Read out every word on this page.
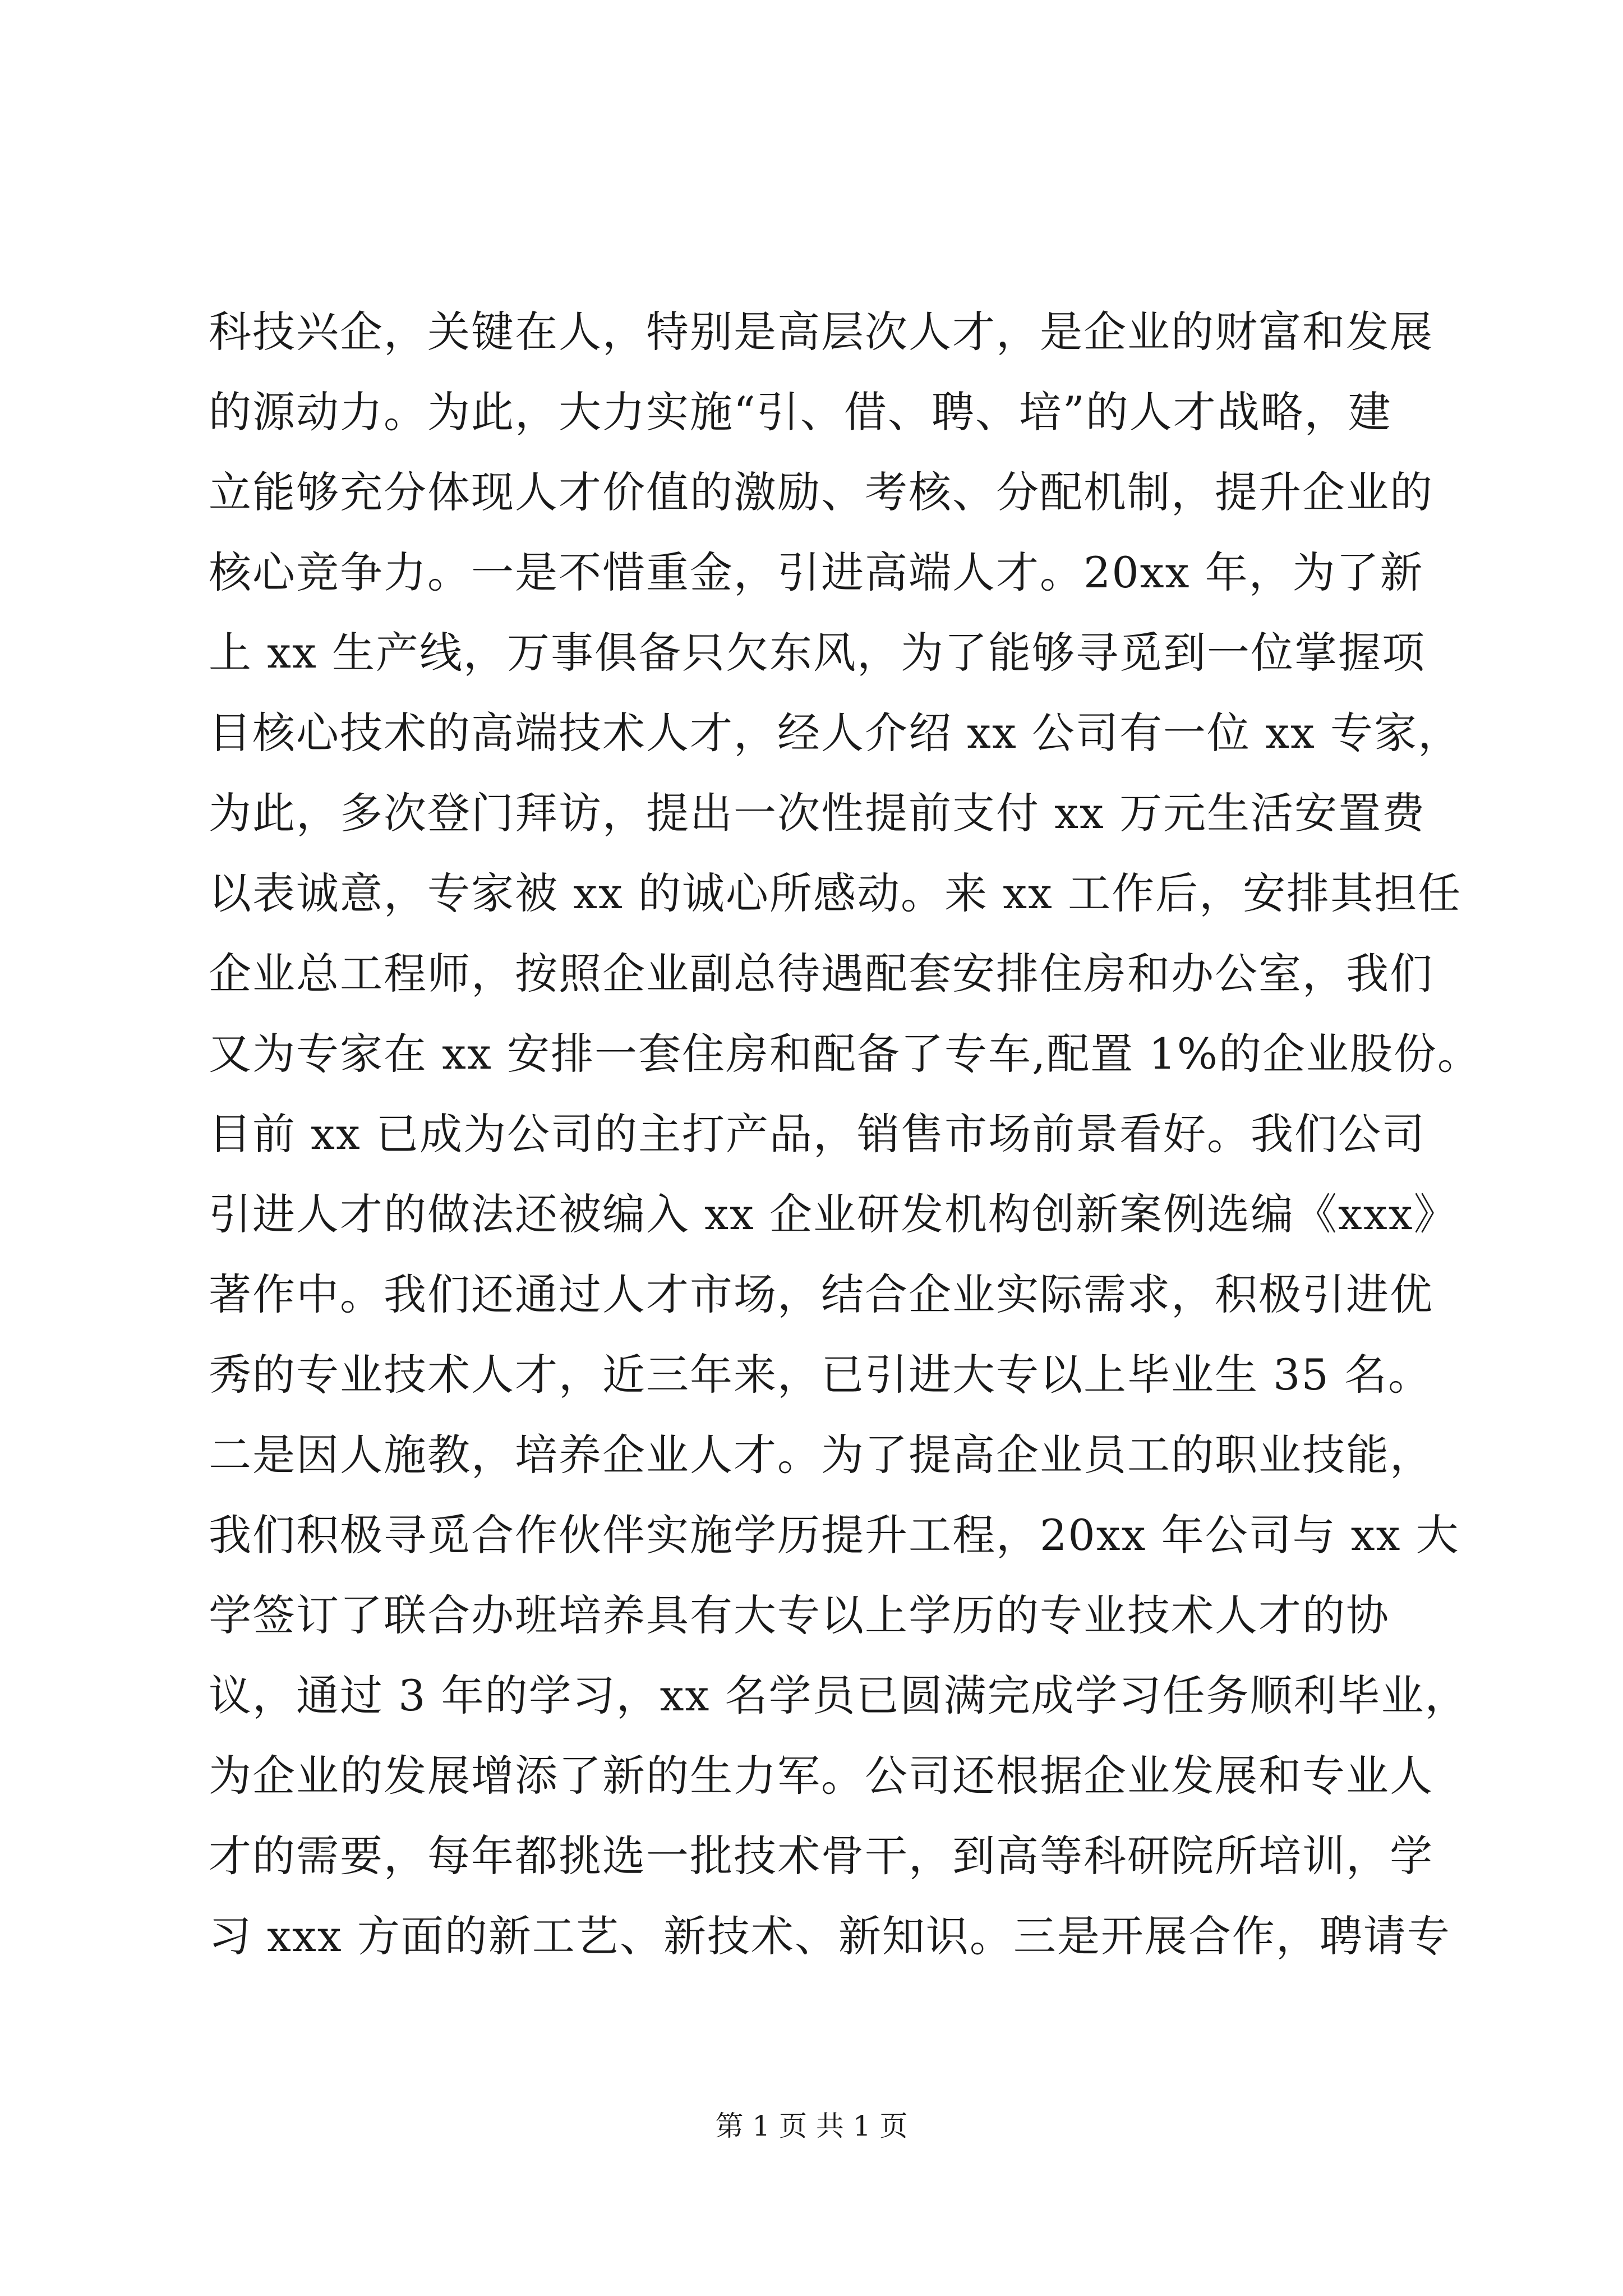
科技兴企，关键在人，特别是高层次人才，是企业的财富和发展
的源动力。为此，大力实施“引、借、聘、培”的人才战略，建
立能够充分体现人才价值的激励、考核、分配机制，提升企业的
核心竞争力。一是不惜重金，引进高端人才。20xx 年，为了新
上 xx 生产线，万事俱备只欠东风，为了能够寻觅到一位掌握项
目核心技术的高端技术人才，经人介绍 xx 公司有一位 xx 专家，
为此，多次登门拜访，提出一次性提前支付 xx 万元生活安置费
以表诚意，专家被 xx 的诚心所感动。来 xx 工作后，安排其担任
企业总工程师，按照企业副总待遇配套安排住房和办公室，我们
又为专家在 xx 安排一套住房和配备了专车,配置 1%的企业股份。
目前 xx 已成为公司的主打产品，销售市场前景看好。我们公司
引进人才的做法还被编入 xx 企业研发机构创新案例选编《xxx》
著作中。我们还通过人才市场，结合企业实际需求，积极引进优
秀的专业技术人才，近三年来，已引进大专以上毕业生 35 名。
二是因人施教，培养企业人才。为了提高企业员工的职业技能，
我们积极寻觅合作伙伴实施学历提升工程，20xx 年公司与 xx 大
学签订了联合办班培养具有大专以上学历的专业技术人才的协
议，通过 3 年的学习，xx 名学员已圆满完成学习任务顺利毕业，
为企业的发展增添了新的生力军。公司还根据企业发展和专业人
才的需要，每年都挑选一批技术骨干，到高等科研院所培训，学
习 xxx 方面的新工艺、新技术、新知识。三是开展合作，聘请专
第 1 页 共 1 页
